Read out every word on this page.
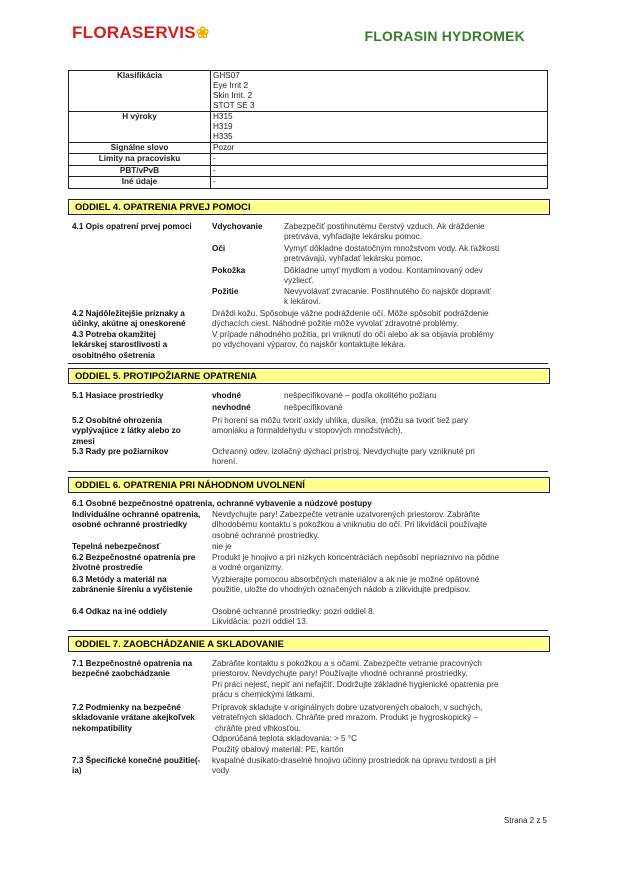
FLORASERVIS❀	FLORASIN HYDROMEK
Klasifikácia	GHS07
Eye Irrit 2
Skin Irrit. 2
STOT SE 3

H výroky	H315
H319
H335

Signálne slovo	Pozor

Limity na pracovisku	-

PBT/vPvB	-

Iné údaje	-
ODDIEL 4. OPATRENIA PRVEJ POMOCI
4.1 Opis opatrení prvej pomoci	Vdychovanie	Zabezpečiť postihnutému čerstvý vzduch. Ak dráždenie
pretrváva, vyhľadajte lekársku pomoc.
Oči	Vymyť dôkladne dostatočným množstvom vody. Ak ťažkosti
pretrvávajú, vyhľadať lekársku pomoc.
Pokožka	Dôkladne umyť mydlom a vodou. Kontaminovaný odev
vyzliecť.
Požitie	Nevyvolávať zvracanie. Postihnutého čo najskôr dopraviť
k lekárovi.
4.2 Najdôležitejšie príznaky a účinky, akútne aj oneskorené
Dráždi kožu. Spôsobuje vážne podráždenie očí. Môže spôsobiť podráždenie
dýchacích ciest. Náhodné požitie môže vyvolať zdravotné problémy.
4.3 Potreba okamžitej lekárskej starostlivosti a osobitného ošetrenia
V prípade náhodného požitia, pri vniknutí do očí alebo ak sa objavia problémy
po vdychovaní výparov, čo najskôr kontaktujte lekára.
ODDIEL 5. PROTIPOŽIARNE OPATRENIA
5.1 Hasiace prostriedky	vhodné	nešpecifikované – podľa okolitého požiaru
nevhodné	nešpecifikované
5.2 Osobitné ohrozenia vyplývajúce z látky alebo zo zmesi
Pri horení sa môžu tvoriť oxidy uhlíka, dusíka, (môžu sa tvoriť tiež pary
amoniaku a formaldehydu v stopových množstvách).
5.3 Rady pre požiarnikov	Ochranný odev, izolačný dýchací prístroj. Nevdychujte pary vzniknuté pri
horení.
ODDIEL 6. OPATRENIA PRI NÁHODNOM UVOLNENÍ
6.1 Osobné bezpečnostné opatrenia, ochranné vybavenie a núdzové postupy
Individuálne ochranné opatrenia, osobné ochranné prostriedky
Nevdychujte pary! Zabezpečte vetranie uzatvorených priestorov. Zabráňte
dlhodobému kontaktu s pokožkou a vniknutiu do očí. Pri likvidácii používajte
osobné ochranné prostriedky.
Tepelná nebezpečnosť	nie je
6.2 Bezpečnostné opatrenia pre životné prostredie
Produkt je hnojivo a pri nízkych koncentráciách nepôsobí nepriaznivo na pôdne
a vodné organizmy.
6.3 Metódy a materiál na zabránenie šíreniu a vyčistenie
Vyzbierajte pomocou absorbčných materiálov a ak nie je možné opätovné
použitie, uložte do vhodných označených nádob a zlikvidujte predpisov.
6.4 Odkaz na iné oddiely	Osobné ochranné prostriedky: pozri oddiel 8.
Likvidácia: pozri oddiel 13.
ODDIEL 7. ZAOBCHÁDZANIE A SKLADOVANIE
7.1 Bezpečnostné opatrenia na bezpečné zaobchádzanie
Zabráňte kontaktu s pokožkou a s očami. Zabezpečte vetranie pracovných
priestorov. Nevdychujte pary! Používajte vhodné ochranné prostriedky.
Pri práci nejesť, nepiť ani nefajčiť. Dodržujte základné hygienické opatrenia pre
prácu s chemickými látkami.
7.2 Podmienky na bezpečné skladovanie vrátane akejkoľvek nekompatibility
Prípravok skladujte v originálnych dobre uzatvorených obaloch, v suchých,
vetrateľných skladoch. Chráňte pred mrazom. Produkt je hygroskopický –
chráňte pred vlhkosťou.
Odporúčaná teplota skladovania: > 5 °C
Použitý obalový materiál: PE, kartón
7.3 Špecifické konečné použitie(-ia)
kvapalné dusíkato-draselné hnojivo účinný prostriedok na úpravu tvrdosti a pH
vody
Strana 2 z 5
